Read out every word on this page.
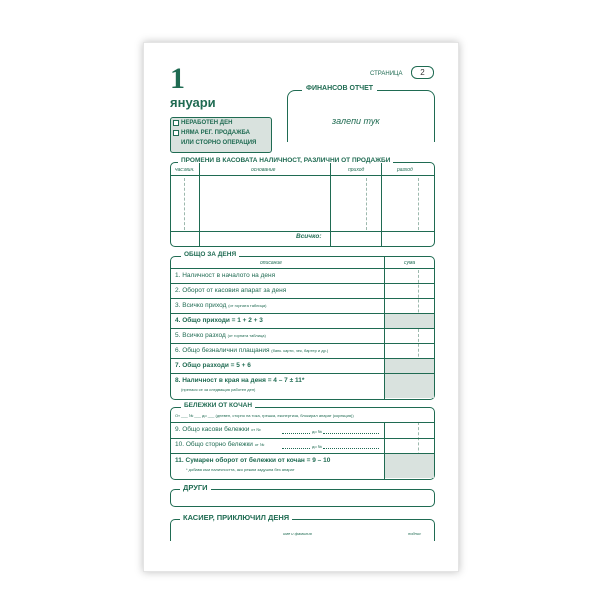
1
януари
СТРАНИЦА	2
ФИНАНСОВ ОТЧЕТ
залепи тук
НЕРАБОТЕН ДЕН
НЯМА РЕГ. ПРОДАЖБА
ИЛИ СТОРНО ОПЕРАЦИЯ
ПРОМЕНИ В КАСОВАТА НАЛИЧНОСТ, РАЗЛИЧНИ ОТ ПРОДАЖБИ
час:мин.	основание	приход	разход
Всичко:
ОБЩО ЗА ДЕНЯ
описание	сума
1. Наличност в началото на деня
2. Оборот от касовия апарат за деня
3. Всичко приход (от горната таблица)
4. Общо приходи = 1 + 2 + 3
5. Всичко разход (от горната таблица)
6. Общо безналични плащания (банк. карти, чек, бартер и др.)
7. Общо разходи = 5 + 6
8. Наличност в края на деня = 4 – 7 ± 11*
(пренася се за следващия работен ден)
БЕЛЕЖКИ ОТ КОЧАН
От ___ № ___ до ___ (дневен, сторно на тока, грешка, експертиза, блокирал апарат (корекция))
9. Общо касови бележки от №	до №
10. Общо сторно бележки от №	до №
11. Сумарен оборот от бележки от кочан = 9 – 10
* добавя към наличността, ако режим задушна без апарат
ДРУГИ
КАСИЕР, ПРИКЛЮЧИЛ ДЕНЯ
име и фамилия	подпис
